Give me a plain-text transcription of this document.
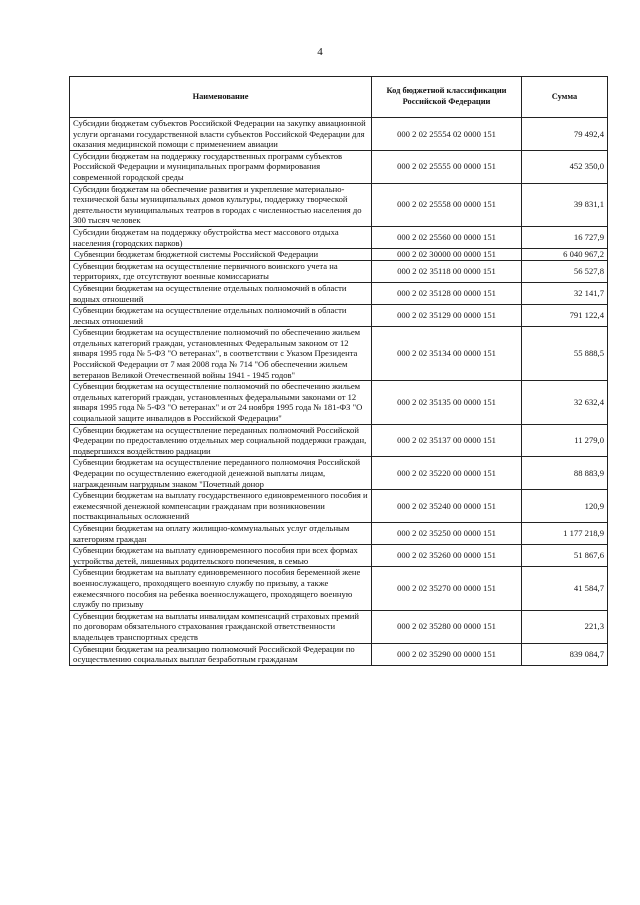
4
Наименование	Код бюджетной классификации Российской Федерации	Сумма
Субсидии бюджетам субъектов Российской Федерации на закупку авиационной услуги органами государственной власти субъектов Российской Федерации для оказания медицинской помощи с применением авиации	000 2 02 25554 02 0000 151	79 492,4
Субсидии бюджетам на поддержку государственных программ субъектов Российской Федерации и муниципальных программ формирования современной городской среды	000 2 02 25555 00 0000 151	452 350,0
Субсидии бюджетам на обеспечение развития и укрепление материально-технической базы муниципальных домов культуры, поддержку творческой деятельности муниципальных театров в городах с численностью населения до 300 тысяч человек	000 2 02 25558 00 0000 151	39 831,1
Субсидии бюджетам на поддержку обустройства мест массового отдыха населения (городских парков)	000 2 02 25560 00 0000 151	16 727,9
Субвенции бюджетам бюджетной системы Российской Федерации	000 2 02 30000 00 0000 151	6 040 967,2
Субвенции бюджетам на осуществление первичного воинского учета на территориях, где отсутствуют военные комиссариаты	000 2 02 35118 00 0000 151	56 527,8
Субвенции бюджетам на осуществление отдельных полномочий в области водных отношений	000 2 02 35128 00 0000 151	32 141,7
Субвенции бюджетам на осуществление отдельных полномочий в области лесных отношений	000 2 02 35129 00 0000 151	791 122,4
Субвенции бюджетам на осуществление полномочий по обеспечению жильем отдельных категорий граждан, установленных Федеральным законом от 12 января 1995 года № 5-ФЗ "О ветеранах", в соответствии с Указом Президента Российской Федерации от 7 мая 2008 года № 714 "Об обеспечении жильем ветеранов Великой Отечественной войны 1941 - 1945 годов"	000 2 02 35134 00 0000 151	55 888,5
Субвенции бюджетам на осуществление полномочий по обеспечению жильем отдельных категорий граждан, установленных федеральными законами от 12 января 1995 года № 5-ФЗ "О ветеранах" и от 24 ноября 1995 года № 181-ФЗ "О социальной защите инвалидов в Российской Федерации"	000 2 02 35135 00 0000 151	32 632,4
Субвенции бюджетам на осуществление переданных полномочий Российской Федерации по предоставлению отдельных мер социальной поддержки граждан, подвергшихся воздействию радиации	000 2 02 35137 00 0000 151	11 279,0
Субвенции бюджетам на осуществление переданного полномочия Российской Федерации по осуществлению ежегодной денежной выплаты лицам, награжденным нагрудным знаком "Почетный донор	000 2 02 35220 00 0000 151	88 883,9
Субвенции бюджетам на выплату государственного единовременного пособия и ежемесячной денежной компенсации гражданам при возникновении поствакцинальных осложнений	000 2 02 35240 00 0000 151	120,9
Субвенции бюджетам на оплату жилищно-коммунальных услуг отдельным категориям граждан	000 2 02 35250 00 0000 151	1 177 218,9
Субвенции бюджетам на выплату единовременного пособия при всех формах устройства детей, лишенных родительского попечения, в семью	000 2 02 35260 00 0000 151	51 867,6
Субвенции бюджетам на выплату единовременного пособия беременной жене военнослужащего, проходящего военную службу по призыву, а также ежемесячного пособия на ребенка военнослужащего, проходящего военную службу по призыву	000 2 02 35270 00 0000 151	41 584,7
Субвенции бюджетам на выплаты инвалидам компенсаций страховых премий по договорам обязательного страхования гражданской ответственности владельцев транспортных средств	000 2 02 35280 00 0000 151	221,3
Субвенции бюджетам на реализацию полномочий Российской Федерации по осуществлению социальных выплат безработным гражданам	000 2 02 35290 00 0000 151	839 084,7
